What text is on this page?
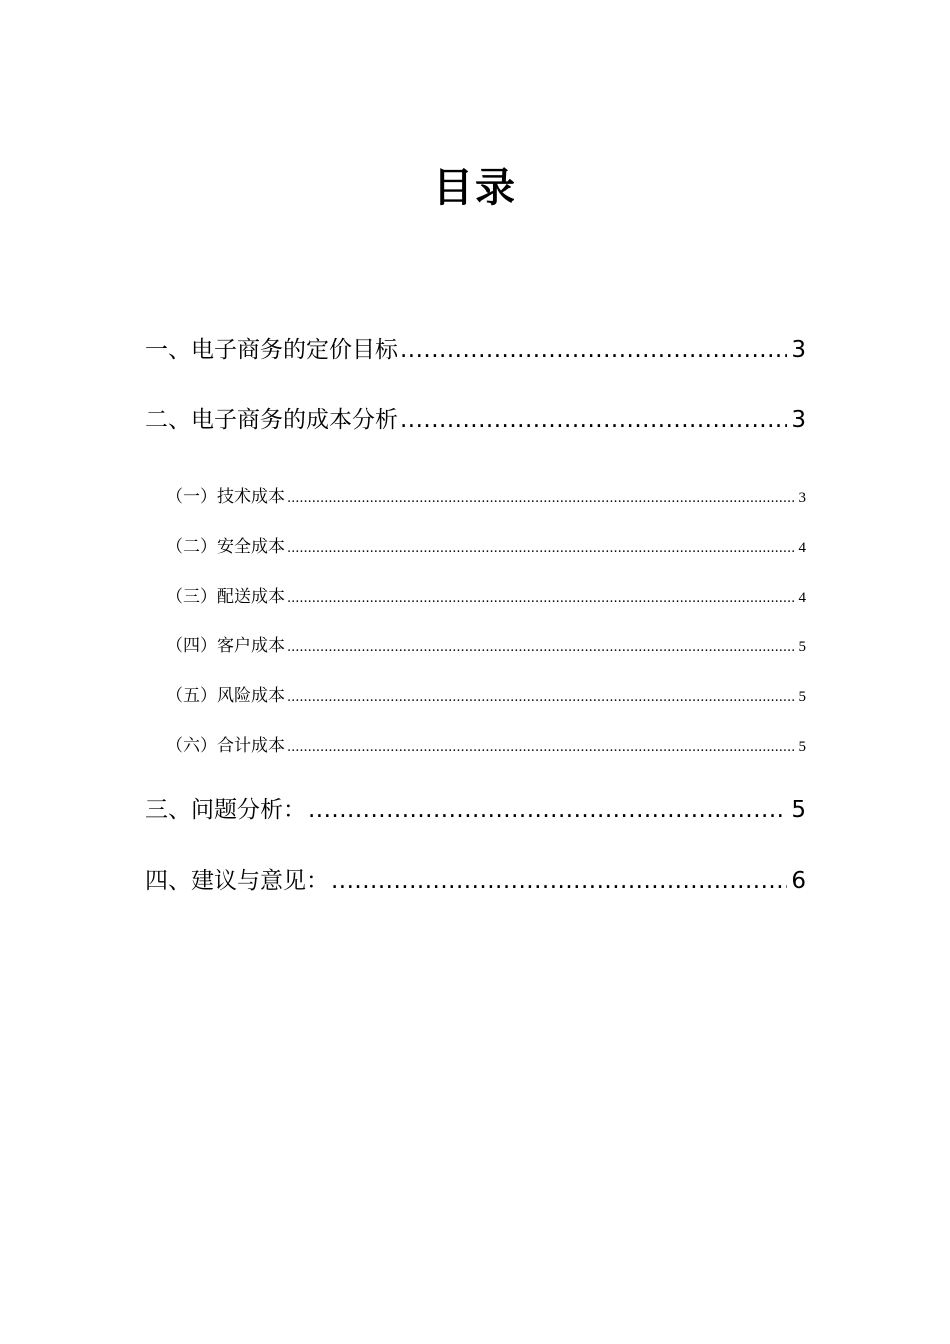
目录
一、电子商务的定价目标 .....	3
二、电子商务的成本分析 .....	3
（一）技术成本 .....	3
（二）安全成本 .....	4
（三）配送成本 .....	4
（四）客户成本 .....	5
（五）风险成本 .....	5
（六）合计成本 .....	5
三、问题分析： .....	5
四、建议与意见： .....	6
